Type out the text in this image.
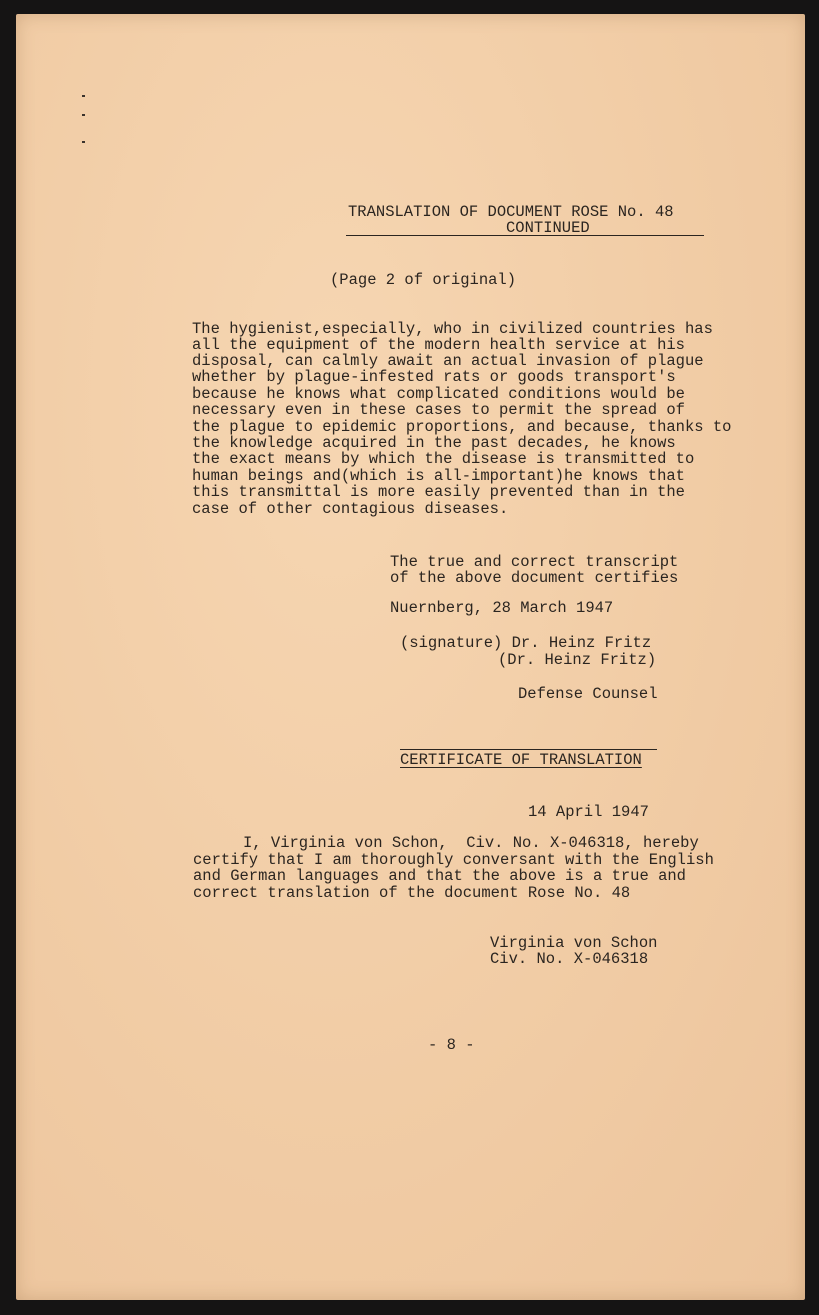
TRANSLATION OF DOCUMENT ROSE No. 48
CONTINUED
(Page 2 of original)
The hygienist,especially, who in civilized countries has
all the equipment of the modern health service at his
disposal, can calmly await an actual invasion of plague
whether by plague-infested rats or goods transport's
because he knows what complicated conditions would be
necessary even in these cases to permit the spread of
the plague to epidemic proportions, and because, thanks to
the knowledge acquired in the past decades, he knows
the exact means by which the disease is transmitted to
human beings and(which is all-important)he knows that
this transmittal is more easily prevented than in the
case of other contagious diseases.
The true and correct transcript
of the above document certifies
Nuernberg, 28 March 1947
(signature) Dr. Heinz Fritz
(Dr. Heinz Fritz)
Defense Counsel
CERTIFICATE OF TRANSLATION
14 April 1947
I, Virginia von Schon,  Civ. No. X-046318, hereby
certify that I am thoroughly conversant with the English
and German languages and that the above is a true and
correct translation of the document Rose No. 48
Virginia von Schon
Civ. No. X-046318
- 8 -
